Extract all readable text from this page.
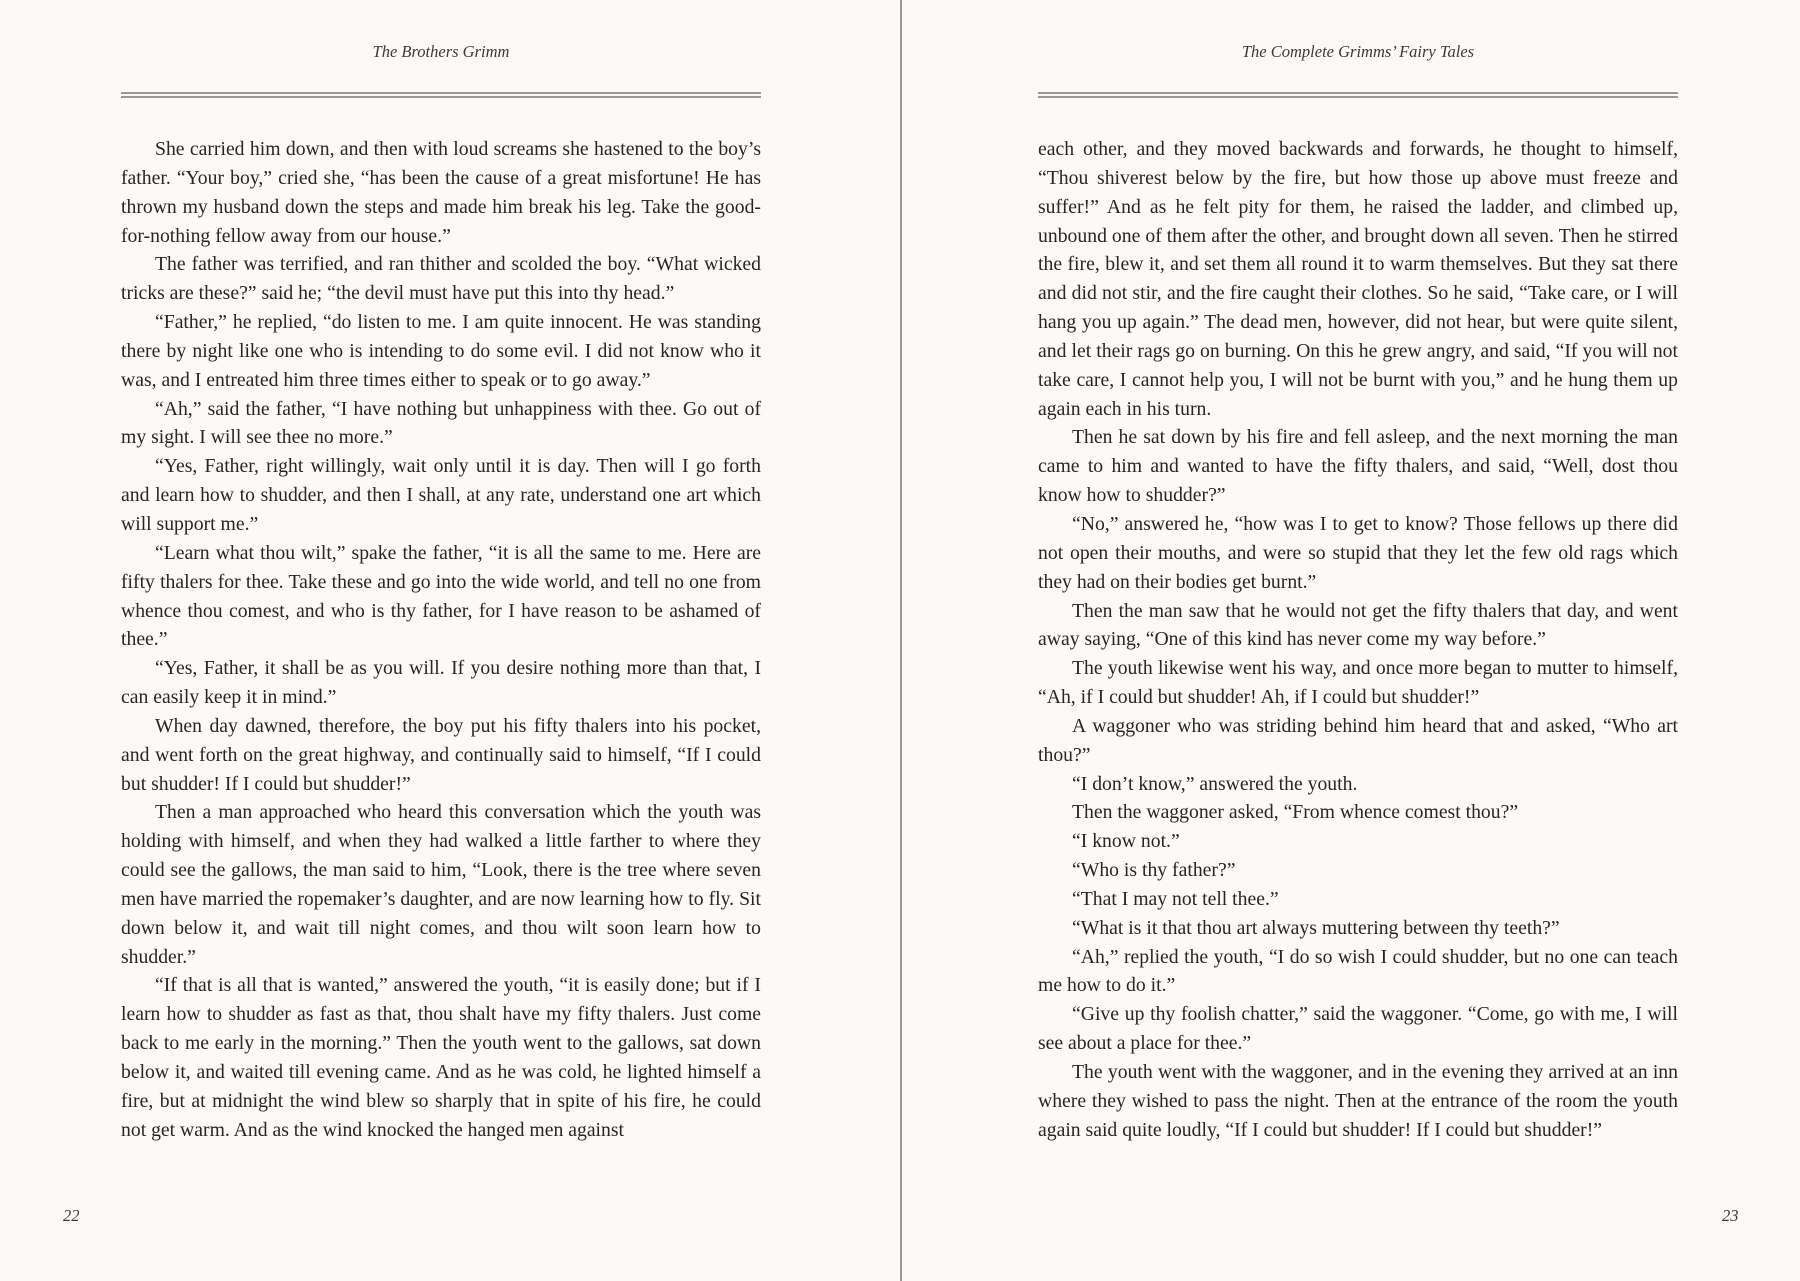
The Brothers Grimm

She carried him down, and then with loud screams she hastened to the boy’s father. “Your boy,” cried she, “has been the cause of a great misfortune! He has thrown my husband down the steps and made him break his leg. Take the good-for-nothing fellow away from our house.”

The father was terrified, and ran thither and scolded the boy. “What wicked tricks are these?” said he; “the devil must have put this into thy head.”

“Father,” he replied, “do listen to me. I am quite innocent. He was standing there by night like one who is intending to do some evil. I did not know who it was, and I entreated him three times either to speak or to go away.”

“Ah,” said the father, “I have nothing but unhappiness with thee. Go out of my sight. I will see thee no more.”

“Yes, Father, right willingly, wait only until it is day. Then will I go forth and learn how to shudder, and then I shall, at any rate, understand one art which will support me.”

“Learn what thou wilt,” spake the father, “it is all the same to me. Here are fifty thalers for thee. Take these and go into the wide world, and tell no one from whence thou comest, and who is thy father, for I have reason to be ashamed of thee.”

“Yes, Father, it shall be as you will. If you desire nothing more than that, I can easily keep it in mind.”

When day dawned, therefore, the boy put his fifty thalers into his pocket, and went forth on the great highway, and continually said to himself, “If I could but shudder! If I could but shudder!”

Then a man approached who heard this conversation which the youth was holding with himself, and when they had walked a little farther to where they could see the gallows, the man said to him, “Look, there is the tree where seven men have married the ropemaker’s daughter, and are now learning how to fly. Sit down below it, and wait till night comes, and thou wilt soon learn how to shudder.”

“If that is all that is wanted,” answered the youth, “it is easily done; but if I learn how to shudder as fast as that, thou shalt have my fifty thalers. Just come back to me early in the morning.” Then the youth went to the gallows, sat down below it, and waited till evening came. And as he was cold, he lighted himself a fire, but at midnight the wind blew so sharply that in spite of his fire, he could not get warm. And as the wind knocked the hanged men against

22
The Complete Grimms’ Fairy Tales

each other, and they moved backwards and forwards, he thought to himself, “Thou shiverest below by the fire, but how those up above must freeze and suffer!” And as he felt pity for them, he raised the ladder, and climbed up, unbound one of them after the other, and brought down all seven. Then he stirred the fire, blew it, and set them all round it to warm themselves. But they sat there and did not stir, and the fire caught their clothes. So he said, “Take care, or I will hang you up again.” The dead men, however, did not hear, but were quite silent, and let their rags go on burning. On this he grew angry, and said, “If you will not take care, I cannot help you, I will not be burnt with you,” and he hung them up again each in his turn.

Then he sat down by his fire and fell asleep, and the next morning the man came to him and wanted to have the fifty thalers, and said, “Well, dost thou know how to shudder?”

“No,” answered he, “how was I to get to know? Those fellows up there did not open their mouths, and were so stupid that they let the few old rags which they had on their bodies get burnt.”

Then the man saw that he would not get the fifty thalers that day, and went away saying, “One of this kind has never come my way before.”

The youth likewise went his way, and once more began to mutter to himself, “Ah, if I could but shudder! Ah, if I could but shudder!”

A waggoner who was striding behind him heard that and asked, “Who art thou?”

“I don’t know,” answered the youth.

Then the waggoner asked, “From whence comest thou?”

“I know not.”

“Who is thy father?”

“That I may not tell thee.”

“What is it that thou art always muttering between thy teeth?”

“Ah,” replied the youth, “I do so wish I could shudder, but no one can teach me how to do it.”

“Give up thy foolish chatter,” said the waggoner. “Come, go with me, I will see about a place for thee.”

The youth went with the waggoner, and in the evening they arrived at an inn where they wished to pass the night. Then at the entrance of the room the youth again said quite loudly, “If I could but shudder! If I could but shudder!”

23
